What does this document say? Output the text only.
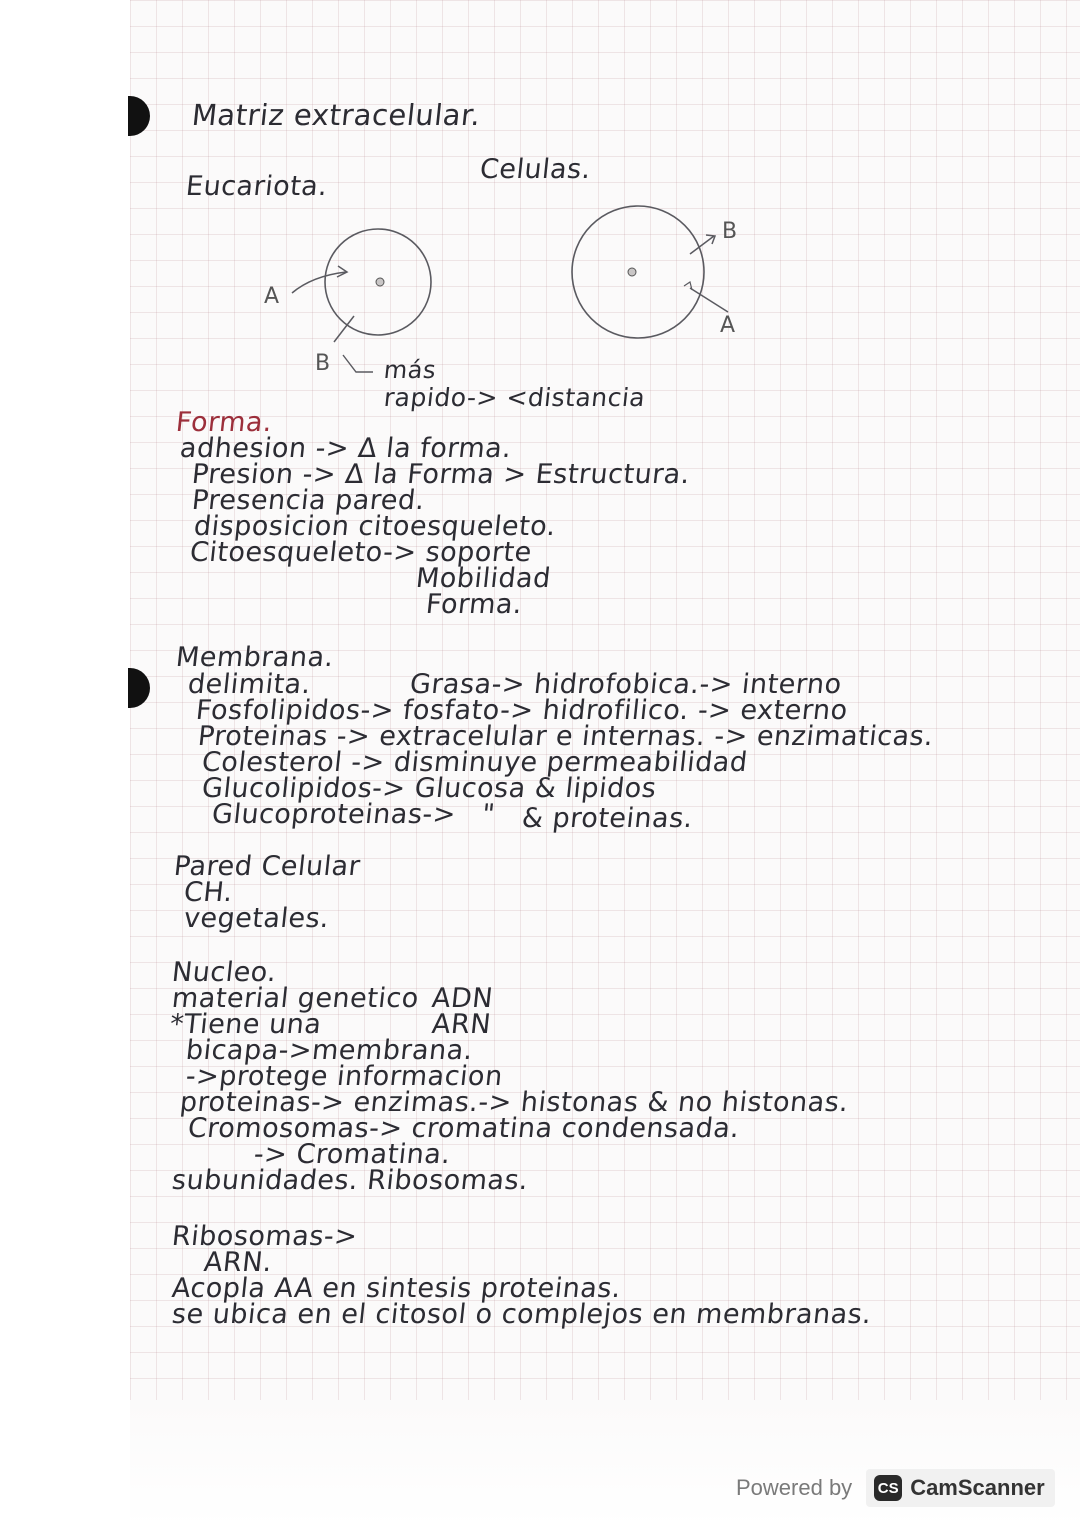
A
B
B
A
Matriz extracelular.
Celulas.
Eucariota.
más
rapido-> <distancia
Forma.
adhesion -> Δ la forma.
Presion -> Δ la Forma > Estructura.
Presencia pared.
disposicion citoesqueleto.
Citoesqueleto-> soporte
Mobilidad
Forma.
Membrana.
delimita.	Grasa-> hidrofobica.-> interno
Fosfolipidos-> fosfato-> hidrofilico. -> externo
Proteinas -> extracelular e internas. -> enzimaticas.
Colesterol -> disminuye permeabilidad
Glucolipidos-> Glucosa & lipidos
Glucoproteinas-> " & proteinas.
Pared Celular
CH.
vegetales.
Nucleo.
material genetico ADN
*Tiene una	ARN
bicapa->membrana.
->protege informacion
proteinas-> enzimas.-> histonas & no histonas.
Cromosomas-> cromatina condensada.
-> Cromatina.
subunidades. Ribosomas.
Ribosomas->
ARN.
Acopla AA en sintesis proteinas.
se ubica en el citosol o complejos en membranas.
Powered by CS CamScanner
